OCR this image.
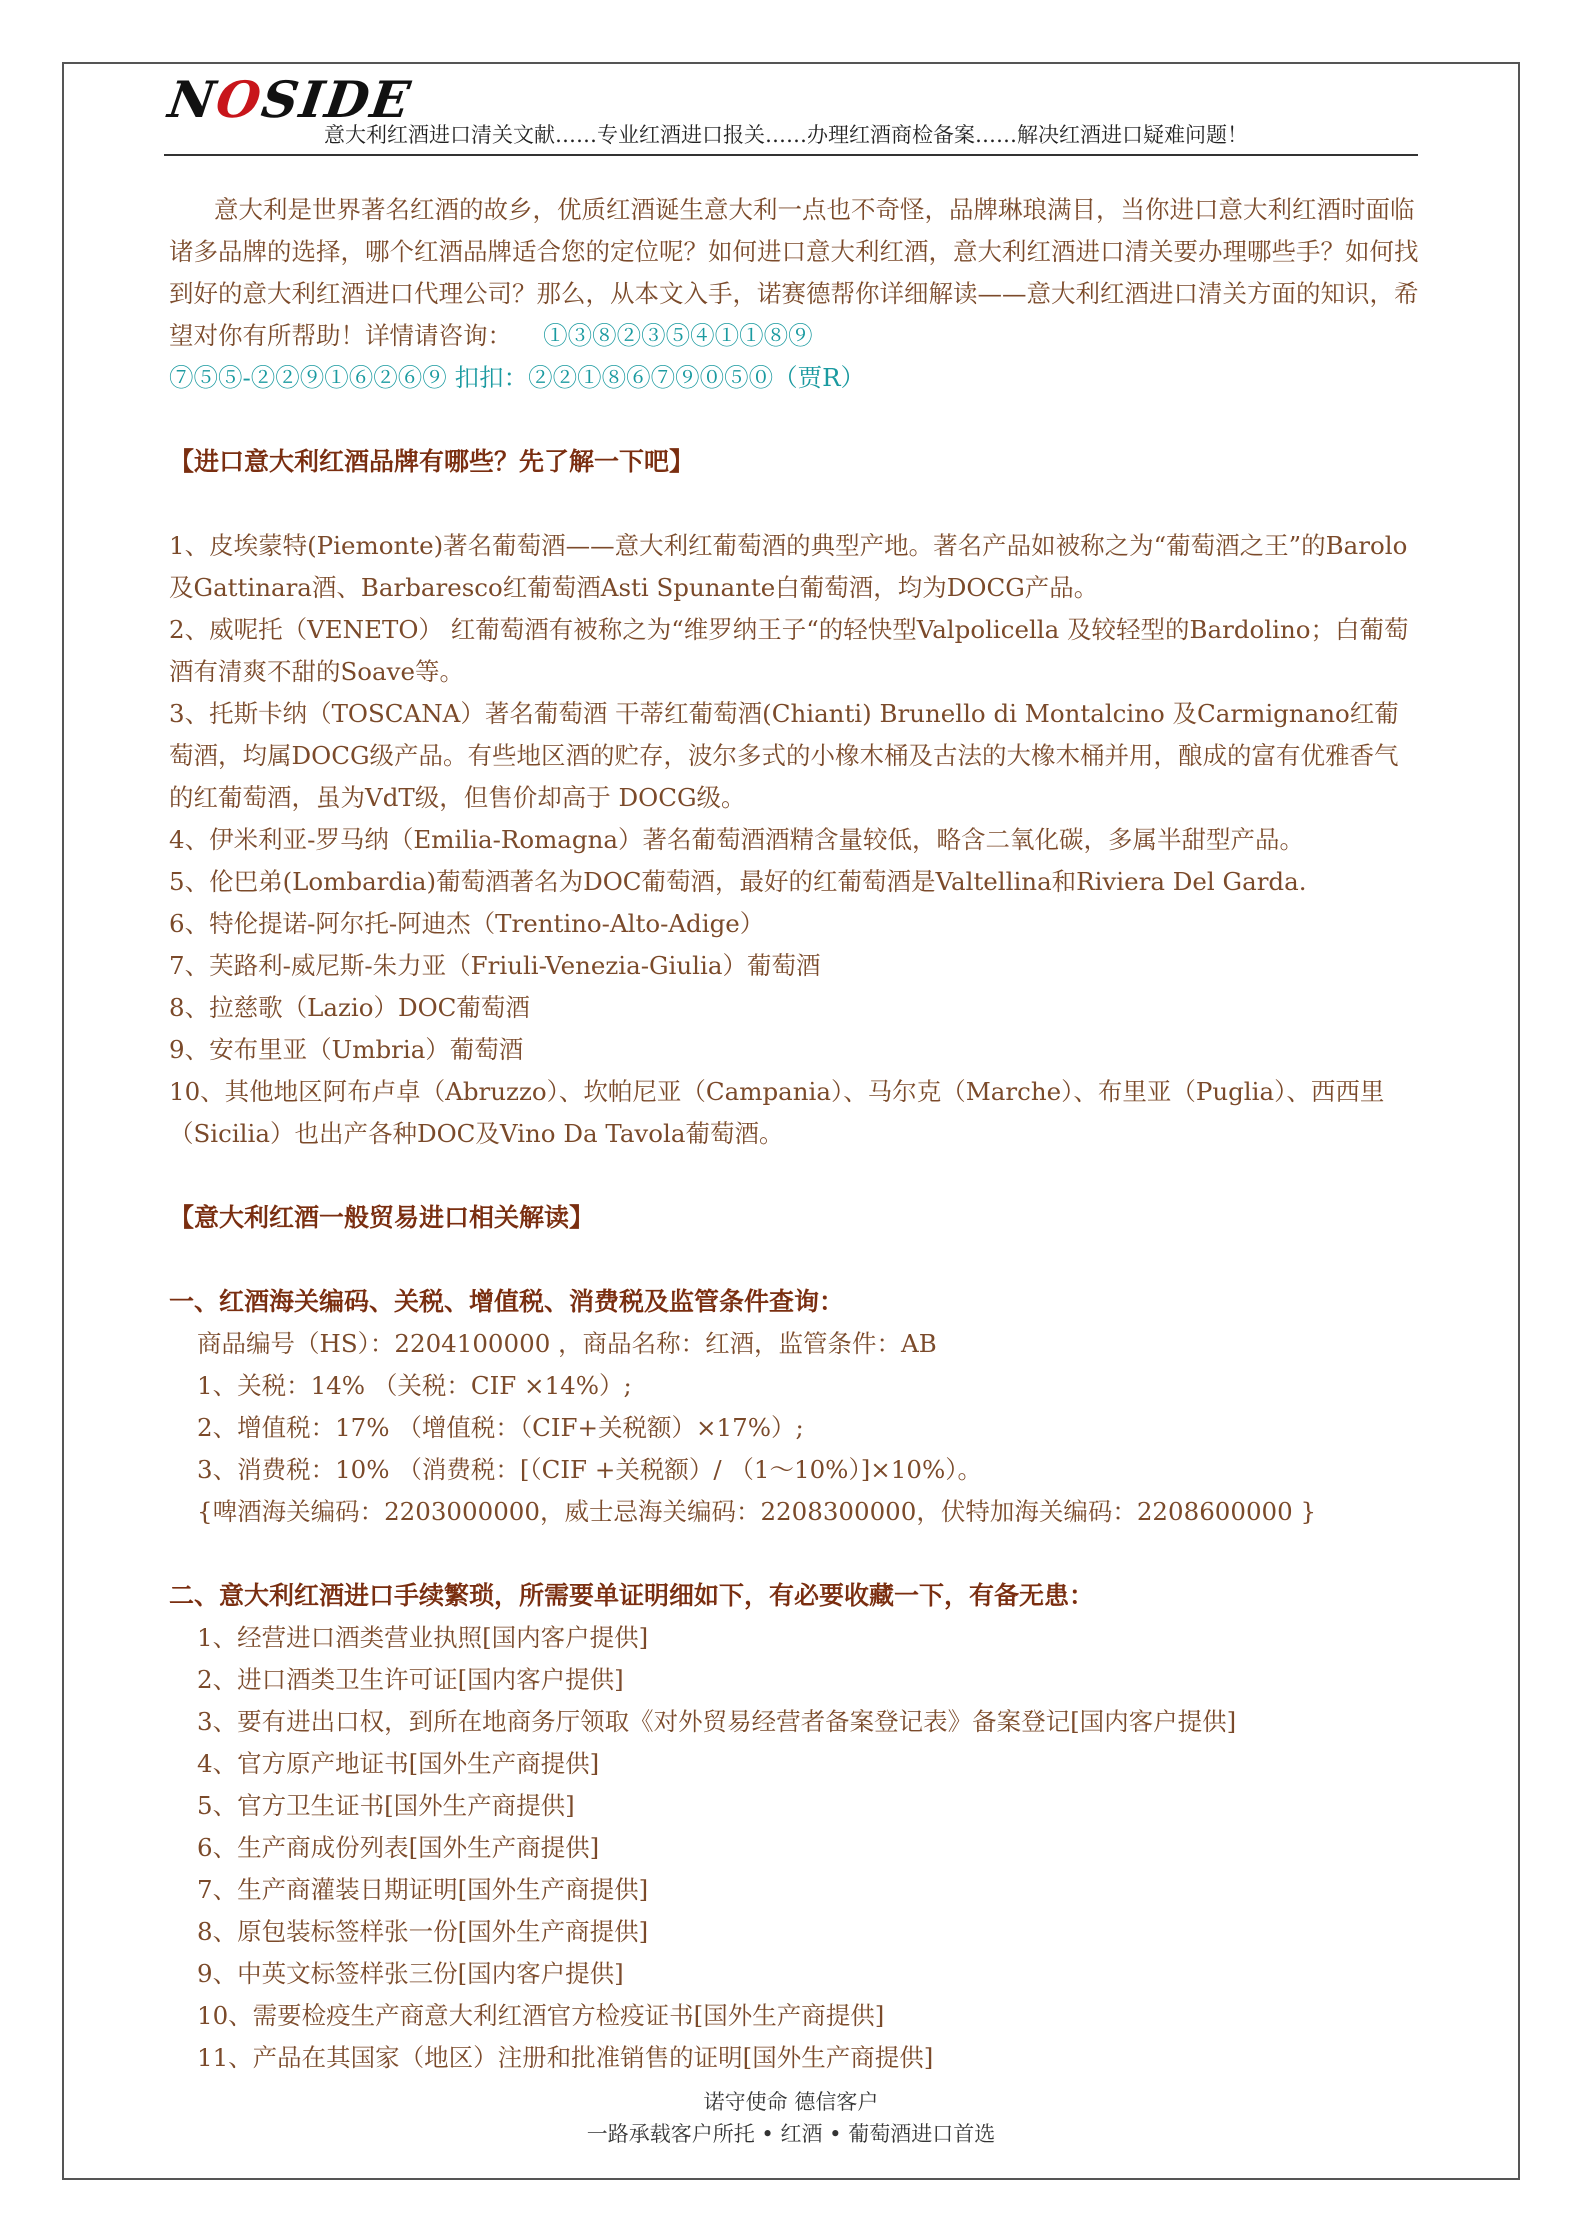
NOSIDE
意大利红酒进口清关文献……专业红酒进口报关……办理红酒商检备案……解决红酒进口疑难问题！

意大利是世界著名红酒的故乡，优质红酒诞生意大利一点也不奇怪，品牌琳琅满目，当你进口意大利红酒时面临诸多品牌的选择，哪个红酒品牌适合您的定位呢？如何进口意大利红酒，意大利红酒进口清关要办理哪些手？如何找到好的意大利红酒进口代理公司？那么，从本文入手，诺赛德帮你详细解读——意大利红酒进口清关方面的知识，希望对你有所帮助！详情请咨询： ①③⑧②③⑤④①①⑧⑨

⑦⑤⑤-②②⑨①⑥②⑥⑨ 扣扣：②②①⑧⑥⑦⑨⓪⑤⓪（贾R）

【进口意大利红酒品牌有哪些？先了解一下吧】

1、皮埃蒙特(Piemonte)著名葡萄酒——意大利红葡萄酒的典型产地。著名产品如被称之为“葡萄酒之王”的Barolo及Gattinara酒、Barbaresco红葡萄酒Asti Spunante白葡萄酒，均为DOCG产品。

2、威呢托（VENETO） 红葡萄酒有被称之为“维罗纳王子“的轻快型Valpolicella 及较轻型的Bardolino；白葡萄酒有清爽不甜的Soave等。

3、托斯卡纳（TOSCANA）著名葡萄酒 干蒂红葡萄酒(Chianti) Brunello di Montalcino 及Carmignano红葡萄酒，均属DOCG级产品。有些地区酒的贮存，波尔多式的小橡木桶及古法的大橡木桶并用，酿成的富有优雅香气的红葡萄酒，虽为VdT级，但售价却高于 DOCG级。

4、伊米利亚-罗马纳（Emilia-Romagna）著名葡萄酒酒精含量较低，略含二氧化碳，多属半甜型产品。

5、伦巴弟(Lombardia)葡萄酒著名为DOC葡萄酒，最好的红葡萄酒是Valtellina和Riviera Del Garda.

6、特伦提诺-阿尔托-阿迪杰（Trentino-Alto-Adige）

7、芙路利-威尼斯-朱力亚（Friuli-Venezia-Giulia）葡萄酒

8、拉慈歌（Lazio）DOC葡萄酒

9、安布里亚（Umbria）葡萄酒

10、其他地区阿布卢卓（Abruzzo）、坎帕尼亚（Campania）、马尔克（Marche）、布里亚（Puglia）、西西里（Sicilia）也出产各种DOC及Vino Da Tavola葡萄酒。

【意大利红酒一般贸易进口相关解读】

一、红酒海关编码、关税、增值税、消费税及监管条件查询：

商品编号（HS）：2204100000 ，商品名称：红酒，监管条件：AB

1、关税：14% （关税：CIF ×14%）;

2、增值税：17% （增值税：（CIF+关税额）×17%）;

3、消费税：10% （消费税：[（CIF +关税额）/ （1～10%）]×10%）。

{啤酒海关编码：2203000000，威士忌海关编码：2208300000，伏特加海关编码：2208600000 }

二、意大利红酒进口手续繁琐，所需要单证明细如下，有必要收藏一下，有备无患：

1、经营进口酒类营业执照[国内客户提供]

2、进口酒类卫生许可证[国内客户提供]

3、要有进出口权，到所在地商务厅领取《对外贸易经营者备案登记表》备案登记[国内客户提供]

4、官方原产地证书[国外生产商提供]

5、官方卫生证书[国外生产商提供]

6、生产商成份列表[国外生产商提供]

7、生产商灌装日期证明[国外生产商提供]

8、原包装标签样张一份[国外生产商提供]

9、中英文标签样张三份[国内客户提供]

10、需要检疫生产商意大利红酒官方检疫证书[国外生产商提供]

11、产品在其国家（地区）注册和批准销售的证明[国外生产商提供]

诺守使命 德信客户
一路承载客户所托 • 红酒 • 葡萄酒进口首选
